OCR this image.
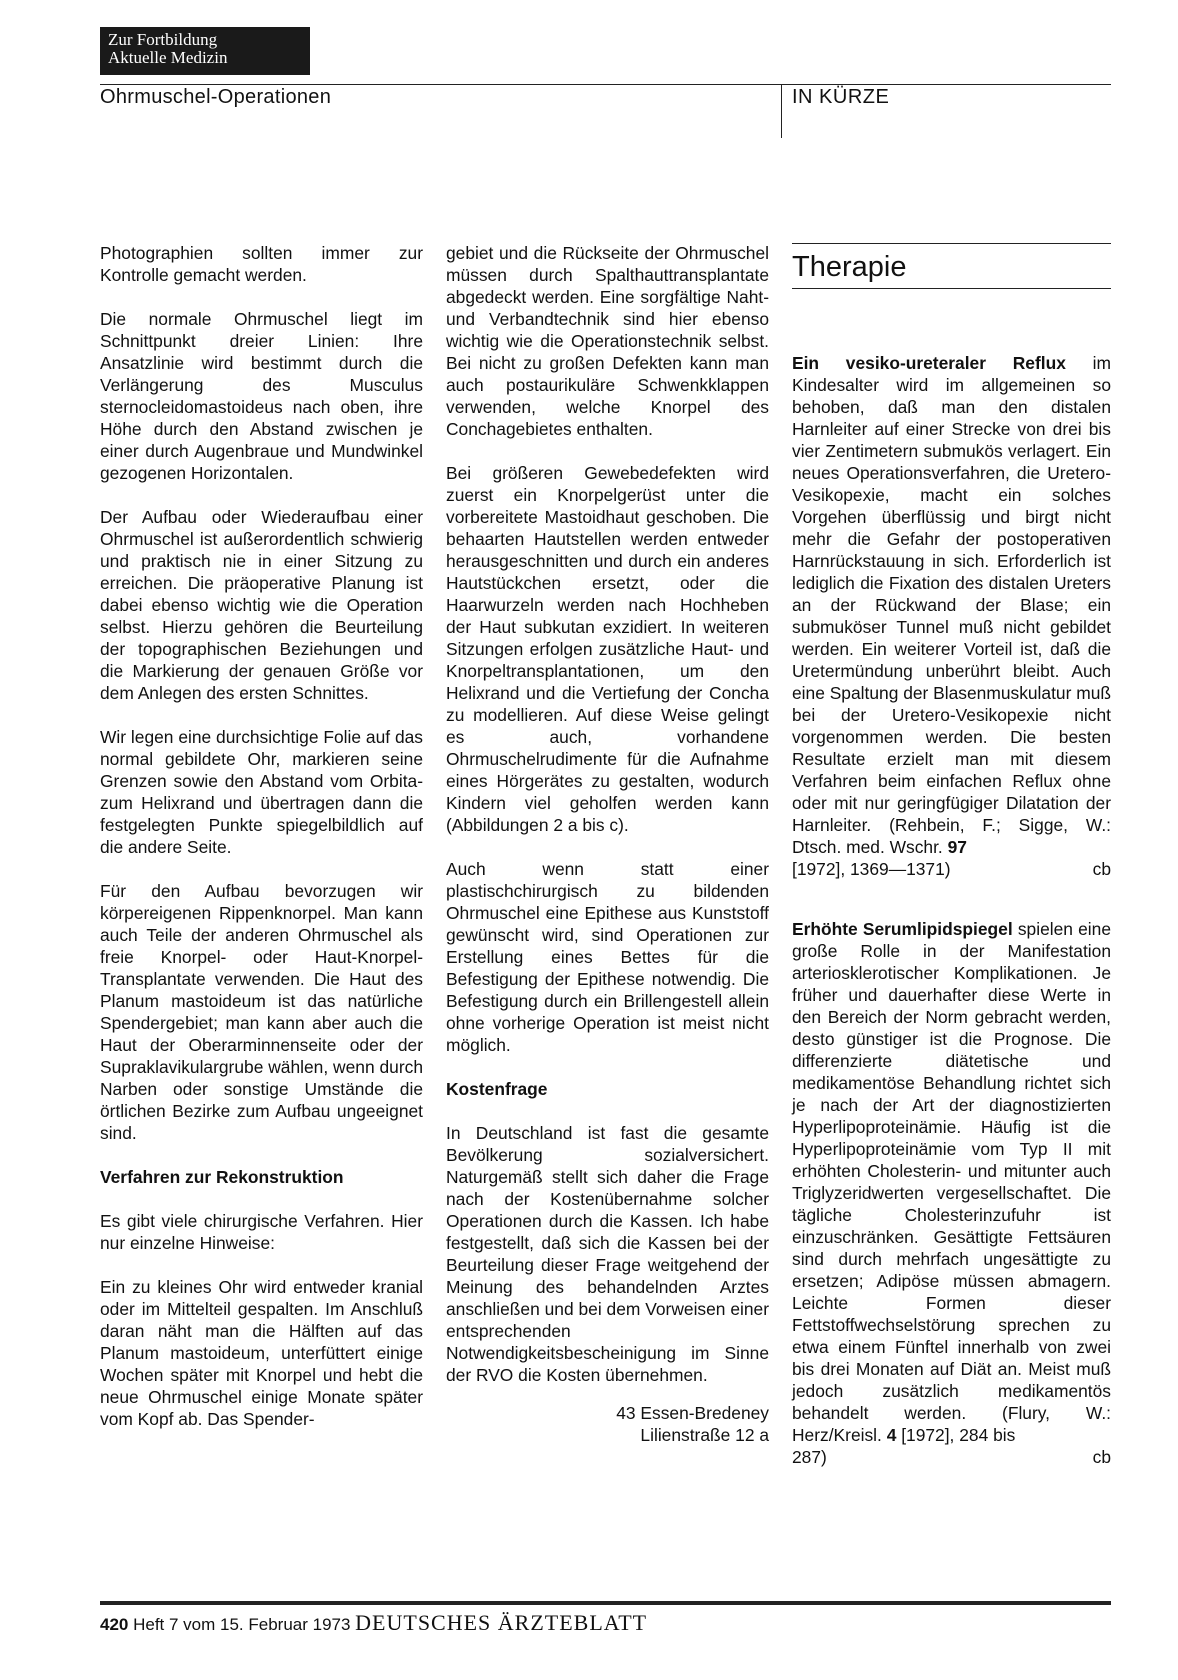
Zur Fortbildung
Aktuelle Medizin
Ohrmuschel-Operationen	IN KÜRZE

Photographien sollten immer zur Kontrolle gemacht werden.

Die normale Ohrmuschel liegt im Schnittpunkt dreier Linien: Ihre Ansatzlinie wird bestimmt durch die Verlängerung des Musculus sternocleidomastoideus nach oben, ihre Höhe durch den Abstand zwischen je einer durch Augenbraue und Mundwinkel gezogenen Horizontalen.

Der Aufbau oder Wiederaufbau einer Ohrmuschel ist außerordentlich schwierig und praktisch nie in einer Sitzung zu erreichen. Die präoperative Planung ist dabei ebenso wichtig wie die Operation selbst. Hierzu gehören die Beurteilung der topographischen Beziehungen und die Markierung der genauen Größe vor dem Anlegen des ersten Schnittes.

Wir legen eine durchsichtige Folie auf das normal gebildete Ohr, markieren seine Grenzen sowie den Abstand vom Orbita- zum Helixrand und übertragen dann die festgelegten Punkte spiegelbildlich auf die andere Seite.

Für den Aufbau bevorzugen wir körpereigenen Rippenknorpel. Man kann auch Teile der anderen Ohrmuschel als freie Knorpel- oder Haut-Knorpel-Transplantate verwenden. Die Haut des Planum mastoideum ist das natürliche Spendergebiet; man kann aber auch die Haut der Oberarminnenseite oder der Supraklavikulargrube wählen, wenn durch Narben oder sonstige Umstände die örtlichen Bezirke zum Aufbau ungeeignet sind.

Verfahren zur Rekonstruktion

Es gibt viele chirurgische Verfahren. Hier nur einzelne Hinweise:

Ein zu kleines Ohr wird entweder kranial oder im Mittelteil gespalten. Im Anschluß daran näht man die Hälften auf das Planum mastoideum, unterfüttert einige Wochen später mit Knorpel und hebt die neue Ohrmuschel einige Monate später vom Kopf ab. Das Spender-

gebiet und die Rückseite der Ohrmuschel müssen durch Spalthauttransplantate abgedeckt werden. Eine sorgfältige Naht- und Verbandtechnik sind hier ebenso wichtig wie die Operationstechnik selbst. Bei nicht zu großen Defekten kann man auch postaurikuläre Schwenkklappen verwenden, welche Knorpel des Conchagebietes enthalten.

Bei größeren Gewebedefekten wird zuerst ein Knorpelgerüst unter die vorbereitete Mastoidhaut geschoben. Die behaarten Hautstellen werden entweder herausgeschnitten und durch ein anderes Hautstückchen ersetzt, oder die Haarwurzeln werden nach Hochheben der Haut subkutan exzidiert. In weiteren Sitzungen erfolgen zusätzliche Haut- und Knorpeltransplantationen, um den Helixrand und die Vertiefung der Concha zu modellieren. Auf diese Weise gelingt es auch, vorhandene Ohrmuschelrudimente für die Aufnahme eines Hörgerätes zu gestalten, wodurch Kindern viel geholfen werden kann (Abbildungen 2 a bis c).

Auch wenn statt einer plastischchirurgisch zu bildenden Ohrmuschel eine Epithese aus Kunststoff gewünscht wird, sind Operationen zur Erstellung eines Bettes für die Befestigung der Epithese notwendig. Die Befestigung durch ein Brillengestell allein ohne vorherige Operation ist meist nicht möglich.

Kostenfrage

In Deutschland ist fast die gesamte Bevölkerung sozialversichert. Naturgemäß stellt sich daher die Frage nach der Kostenübernahme solcher Operationen durch die Kassen. Ich habe festgestellt, daß sich die Kassen bei der Beurteilung dieser Frage weitgehend der Meinung des behandelnden Arztes anschließen und bei dem Vorweisen einer entsprechenden Notwendigkeitsbescheinigung im Sinne der RVO die Kosten übernehmen.

43 Essen-Bredeney
Lilienstraße 12 a
Therapie

Ein vesiko-ureteraler Reflux im Kindesalter wird im allgemeinen so behoben, daß man den distalen Harnleiter auf einer Strecke von drei bis vier Zentimetern submukös verlagert. Ein neues Operationsverfahren, die Uretero-Vesikopexie, macht ein solches Vorgehen überflüssig und birgt nicht mehr die Gefahr der postoperativen Harnrückstauung in sich. Erforderlich ist lediglich die Fixation des distalen Ureters an der Rückwand der Blase; ein submuköser Tunnel muß nicht gebildet werden. Ein weiterer Vorteil ist, daß die Uretermündung unberührt bleibt. Auch eine Spaltung der Blasenmuskulatur muß bei der Uretero-Vesikopexie nicht vorgenommen werden. Die besten Resultate erzielt man mit diesem Verfahren beim einfachen Reflux ohne oder mit nur geringfügiger Dilatation der Harnleiter. (Rehbein, F.; Sigge, W.: Dtsch. med. Wschr. 97
[1972], 1369—1371)	cb

Erhöhte Serumlipidspiegel spielen eine große Rolle in der Manifestation arteriosklerotischer Komplikationen. Je früher und dauerhafter diese Werte in den Bereich der Norm gebracht werden, desto günstiger ist die Prognose. Die differenzierte diätetische und medikamentöse Behandlung richtet sich je nach der Art der diagnostizierten Hyperlipoproteinämie. Häufig ist die Hyperlipoproteinämie vom Typ II mit erhöhten Cholesterin- und mitunter auch Triglyzeridwerten vergesellschaftet. Die tägliche Cholesterinzufuhr ist einzuschränken. Gesättigte Fettsäuren sind durch mehrfach ungesättigte zu ersetzen; Adipöse müssen abmagern. Leichte Formen dieser Fettstoffwechselstörung sprechen zu etwa einem Fünftel innerhalb von zwei bis drei Monaten auf Diät an. Meist muß jedoch zusätzlich medikamentös behandelt werden. (Flury, W.: Herz/Kreisl. 4 [1972], 284 bis
287)	cb

420 Heft 7 vom 15. Februar 1973 DEUTSCHES ÄRZTEBLATT
